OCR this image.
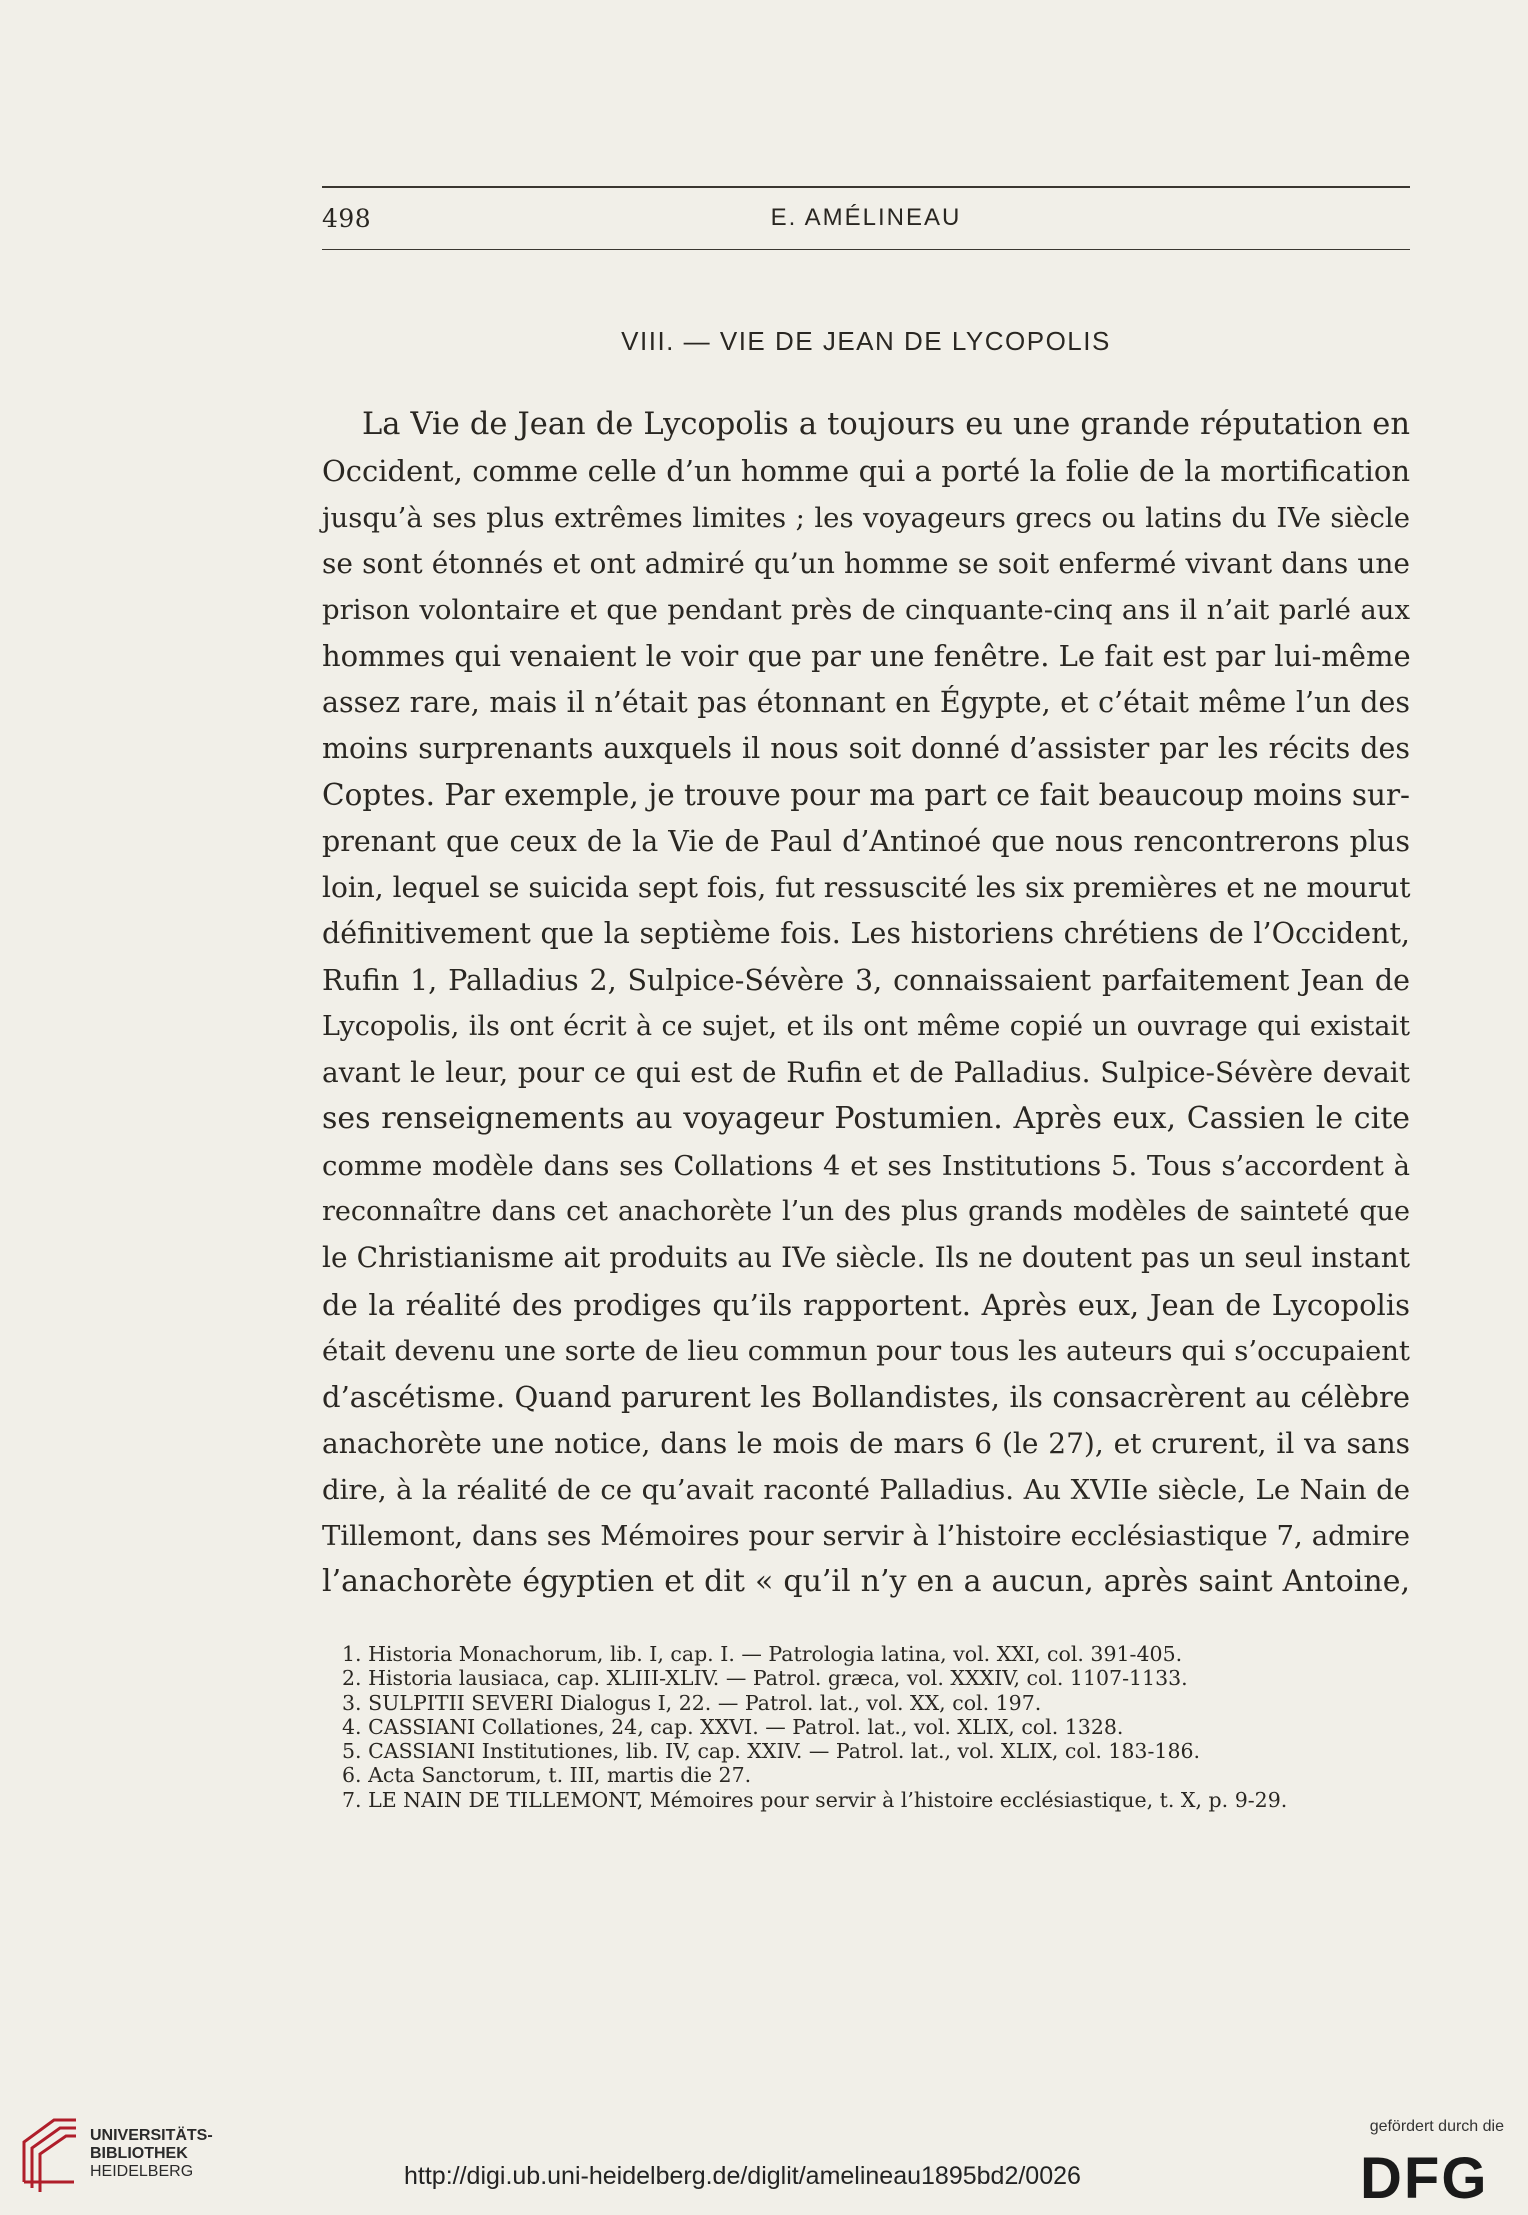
498	E. AMÉLINEAU
VIII. — VIE DE JEAN DE LYCOPOLIS
La Vie de Jean de Lycopolis a toujours eu une grande réputation en
Occident, comme celle d’un homme qui a porté la folie de la mortification
jusqu’à ses plus extrêmes limites ; les voyageurs grecs ou latins du IVe siècle
se sont étonnés et ont admiré qu’un homme se soit enfermé vivant dans une
prison volontaire et que pendant près de cinquante-cinq ans il n’ait parlé aux
hommes qui venaient le voir que par une fenêtre. Le fait est par lui-même
assez rare, mais il n’était pas étonnant en Égypte, et c’était même l’un des
moins surprenants auxquels il nous soit donné d’assister par les récits des
Coptes. Par exemple, je trouve pour ma part ce fait beaucoup moins sur-
prenant que ceux de la Vie de Paul d’Antinoé que nous rencontrerons plus
loin, lequel se suicida sept fois, fut ressuscité les six premières et ne mourut
définitivement que la septième fois. Les historiens chrétiens de l’Occident,
Rufin 1, Palladius 2, Sulpice-Sévère 3, connaissaient parfaitement Jean de
Lycopolis, ils ont écrit à ce sujet, et ils ont même copié un ouvrage qui existait
avant le leur, pour ce qui est de Rufin et de Palladius. Sulpice-Sévère devait
ses renseignements au voyageur Postumien. Après eux, Cassien le cite
comme modèle dans ses Collations 4 et ses Institutions 5. Tous s’accordent à
reconnaître dans cet anachorète l’un des plus grands modèles de sainteté que
le Christianisme ait produits au IVe siècle. Ils ne doutent pas un seul instant
de la réalité des prodiges qu’ils rapportent. Après eux, Jean de Lycopolis
était devenu une sorte de lieu commun pour tous les auteurs qui s’occupaient
d’ascétisme. Quand parurent les Bollandistes, ils consacrèrent au célèbre
anachorète une notice, dans le mois de mars 6 (le 27), et crurent, il va sans
dire, à la réalité de ce qu’avait raconté Palladius. Au XVIIe siècle, Le Nain de
Tillemont, dans ses Mémoires pour servir à l’histoire ecclésiastique 7, admire
l’anachorète égyptien et dit « qu’il n’y en a aucun, après saint Antoine,
1. Historia Monachorum, lib. I, cap. I. — Patrologia latina, vol. XXI, col. 391-405.
2. Historia lausiaca, cap. XLIII-XLIV. — Patrol. græca, vol. XXXIV, col. 1107-1133.
3. SULPITII SEVERI Dialogus I, 22. — Patrol. lat., vol. XX, col. 197.
4. CASSIANI Collationes, 24, cap. XXVI. — Patrol. lat., vol. XLIX, col. 1328.
5. CASSIANI Institutiones, lib. IV, cap. XXIV. — Patrol. lat., vol. XLIX, col. 183-186.
6. Acta Sanctorum, t. III, martis die 27.
7. LE NAIN DE TILLEMONT, Mémoires pour servir à l’histoire ecclésiastique, t. X, p. 9-29.
UNIVERSITÄTS-
BIBLIOTHEK
HEIDELBERG	http://digi.ub.uni-heidelberg.de/diglit/amelineau1895bd2/0026
gefördert durch die
DFG
